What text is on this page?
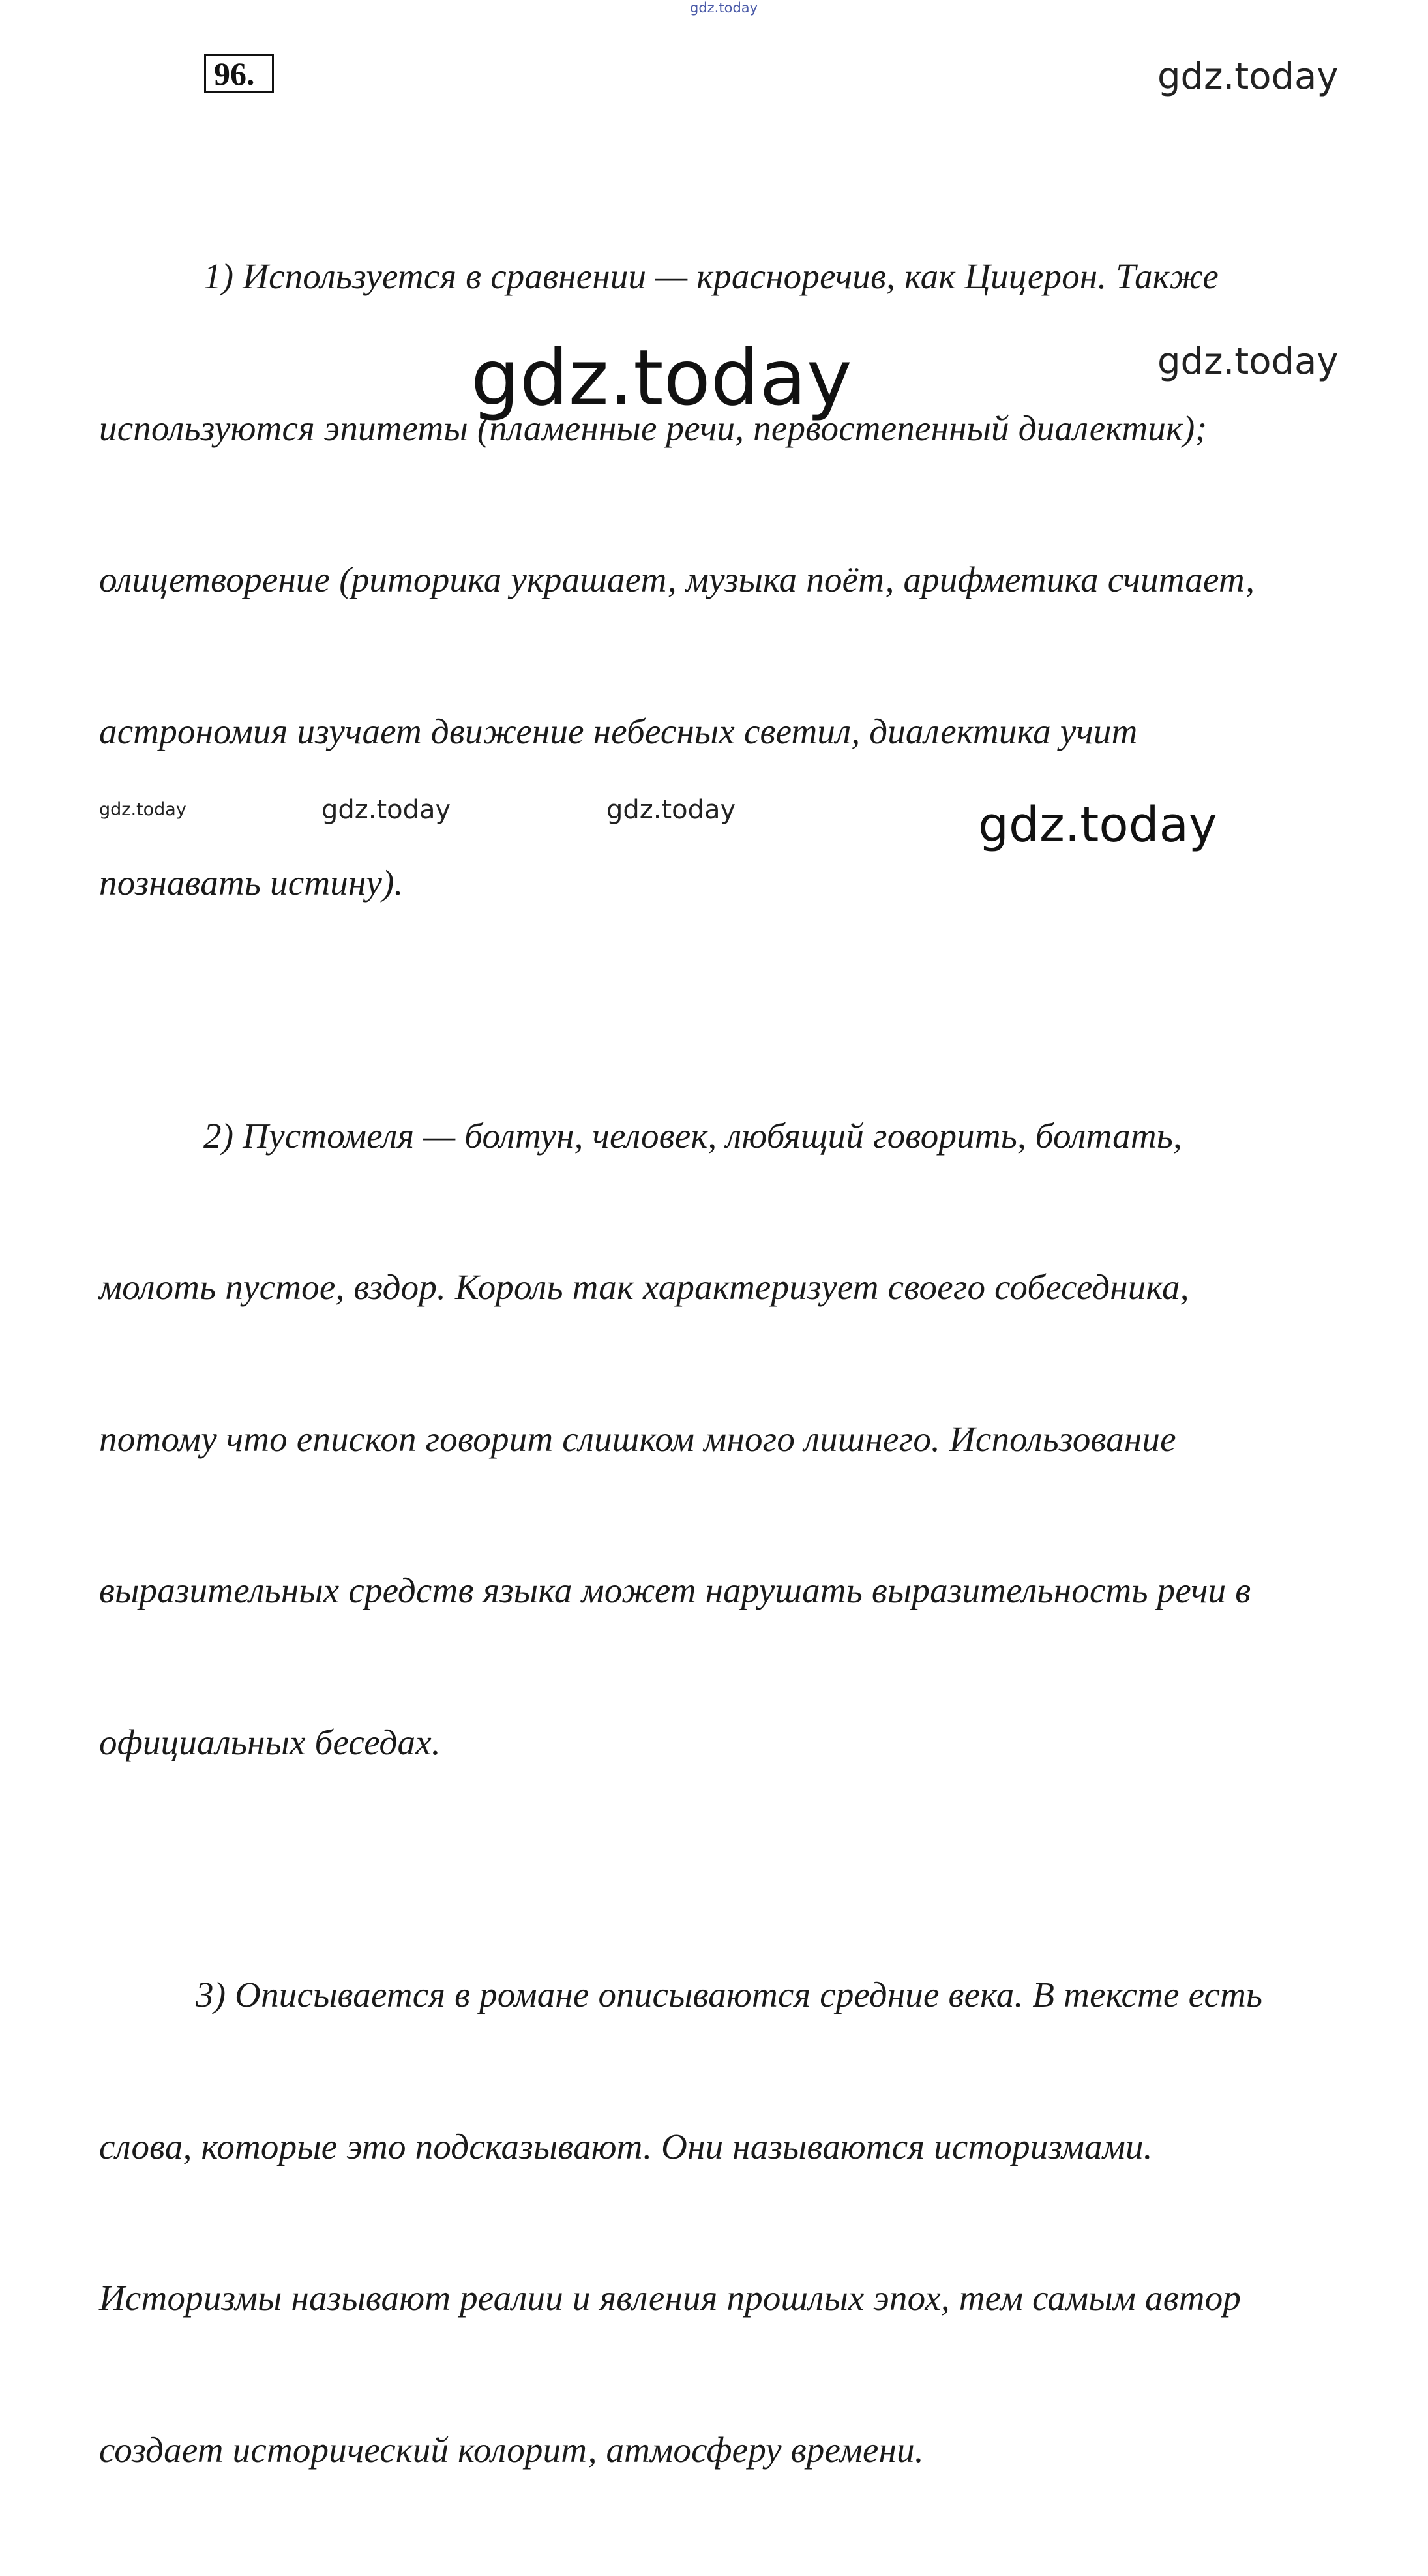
gdz.today
96.	gdz.today

1) Используется в сравнении — красноречив, как Цицерон. Также

используются эпитеты (пламенные речи, первостепенный диалектик);

олицетворение (риторика украшает, музыка поёт, арифметика считает,

астрономия изучает движение небесных светил, диалектика учит

познавать истину).

2) Пустомеля — болтун, человек, любящий говорить, болтать,

молоть пустое, вздор. Король так характеризует своего собеседника,

потому что епископ говорит слишком много лишнего. Использование

выразительных средств языка может нарушать выразительность речи в

официальных беседах.

3) Описывается в романе описываются средние века. В тексте есть

слова, которые это подсказывают. Они называются историзмами.

Историзмы называют реалии и явления прошлых эпох, тем самым автор

создает исторический колорит, атмосферу времени.

gdz.today
gdz.today
gdz.today	gdz.today	gdz.today	gdz.today
